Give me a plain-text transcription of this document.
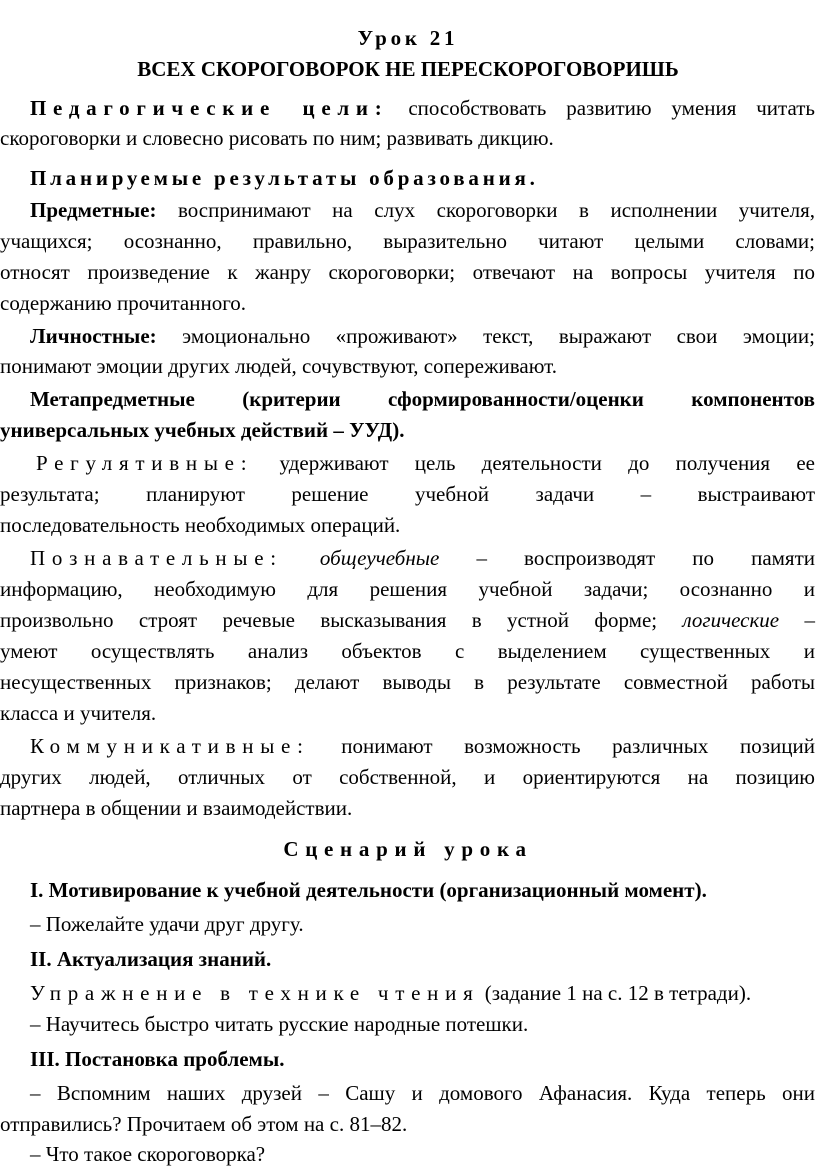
Урок 21
ВСЕХ СКОРОГОВОРОК НЕ ПЕРЕСКОРОГОВОРИШЬ
Педагогические цели: способствовать развитию умения читать
скороговорки и словесно рисовать по ним; развивать дикцию.
Планируемые результаты образования.
Предметные: воспринимают на слух скороговорки в исполнении учителя,
учащихся; осознанно, правильно, выразительно читают целыми словами;
относят произведение к жанру скороговорки; отвечают на вопросы учителя по
содержанию прочитанного.
Личностные: эмоционально «проживают» текст, выражают свои эмоции;
понимают эмоции других людей, сочувствуют, сопереживают.
Метапредметные (критерии сформированности/оценки компонентов
универсальных учебных действий – УУД).
Регулятивные: удерживают цель деятельности до получения ее
результата; планируют решение учебной задачи – выстраивают
последовательность необходимых операций.
Познавательные: общеучебные – воспроизводят по памяти
информацию, необходимую для решения учебной задачи; осознанно и
произвольно строят речевые высказывания в устной форме; логические –
умеют осуществлять анализ объектов с выделением существенных и
несущественных признаков; делают выводы в результате совместной работы
класса и учителя.
Коммуникативные: понимают возможность различных позиций
других людей, отличных от собственной, и ориентируются на позицию
партнера в общении и взаимодействии.
Сценарий урока
I. Мотивирование к учебной деятельности (организационный момент).
– Пожелайте удачи друг другу.
II. Актуализация знаний.
Упражнение в технике чтения (задание 1 на с. 12 в тетради).
– Научитесь быстро читать русские народные потешки.
III. Постановка проблемы.
– Вспомним наших друзей – Сашу и домового Афанасия. Куда теперь они
отправились? Прочитаем об этом на с. 81–82.
– Что такое скороговорка?
